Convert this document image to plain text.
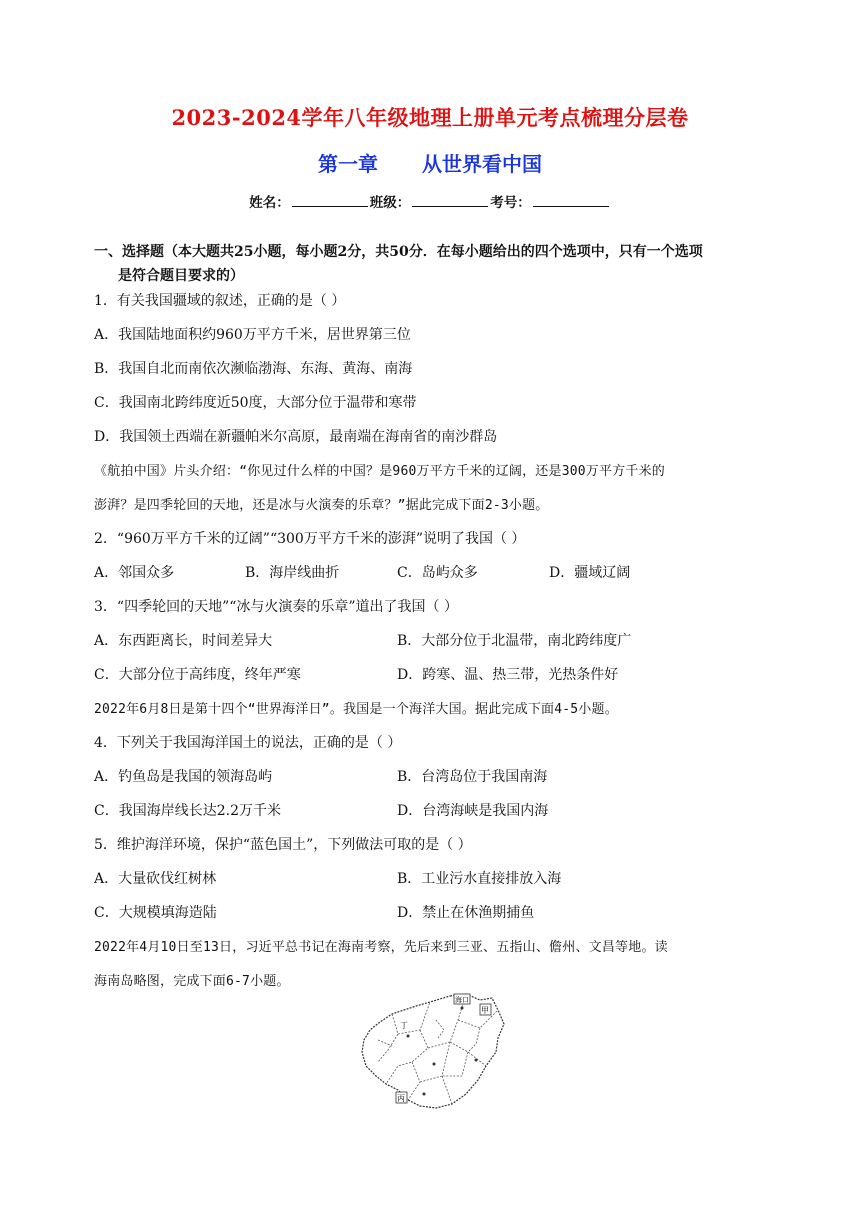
2023-2024学年八年级地理上册单元考点梳理分层卷
第一章 从世界看中国
姓名：	班级：	考号：
一、选择题（本大题共25小题，每小题2分，共50分．在每小题给出的四个选项中，只有一个选项
是符合题目要求的）
1．有关我国疆域的叙述，正确的是（ ）
A．我国陆地面积约960万平方千米，居世界第三位
B．我国自北而南依次濒临渤海、东海、黄海、南海
C．我国南北跨纬度近50度，大部分位于温带和寒带
D．我国领土西端在新疆帕米尔高原，最南端在海南省的南沙群岛
《航拍中国》片头介绍：“你见过什么样的中国？是960万平方千米的辽阔，还是300万平方千米的
澎湃？是四季轮回的天地，还是冰与火演奏的乐章？”据此完成下面2-3小题。
2．“960万平方千米的辽阔”“300万平方千米的澎湃”说明了我国（ ）
A．邻国众多	B．海岸线曲折	C．岛屿众多	D．疆域辽阔
3．“四季轮回的天地”“冰与火演奏的乐章”道出了我国（ ）
A．东西距离长，时间差异大	B．大部分位于北温带，南北跨纬度广
C．大部分位于高纬度，终年严寒	D．跨寒、温、热三带，光热条件好
2022年6月8日是第十四个“世界海洋日”。我国是一个海洋大国。据此完成下面4-5小题。
4．下列关于我国海洋国土的说法，正确的是（ ）
A．钓鱼岛是我国的领海岛屿	B．台湾岛位于我国南海
C．我国海岸线长达2.2万千米	D．台湾海峡是我国内海
5．维护海洋环境，保护“蓝色国土”，下列做法可取的是（ ）
A．大量砍伐红树林	B．工业污水直接排放入海
C．大规模填海造陆	D．禁止在休渔期捕鱼
2022年4月10日至13日，习近平总书记在海南考察，先后来到三亚、五指山、儋州、文昌等地。读
海南岛略图，完成下面6-7小题。
海口
甲
丁
丙
